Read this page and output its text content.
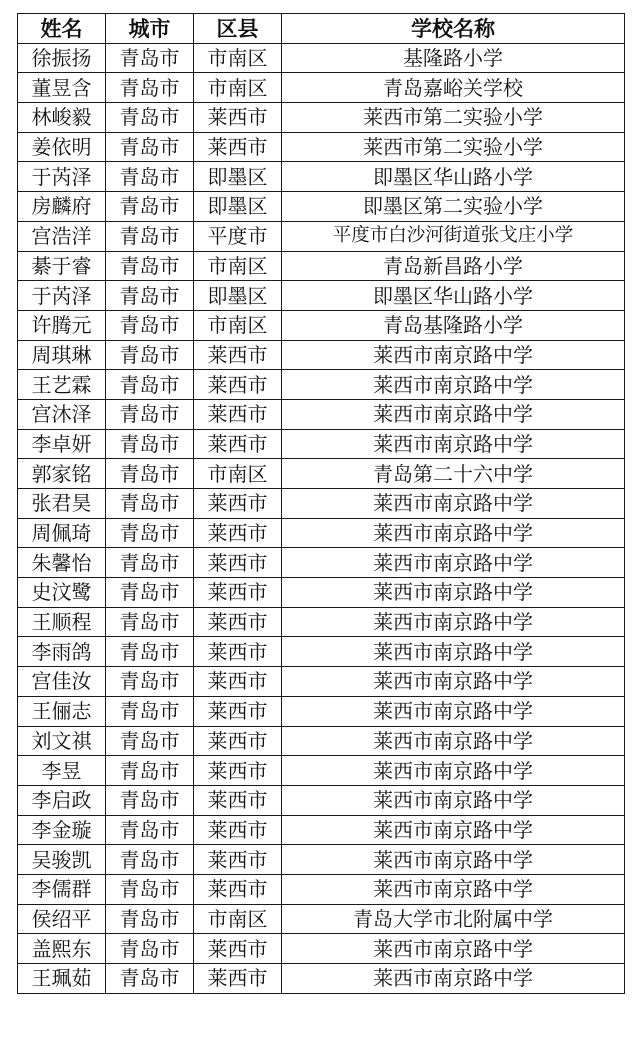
姓名	城市	区县	学校名称
徐振扬	青岛市	市南区	基隆路小学
董昱含	青岛市	市南区	青岛嘉峪关学校
林峻毅	青岛市	莱西市	莱西市第二实验小学
姜依明	青岛市	莱西市	莱西市第二实验小学
于芮泽	青岛市	即墨区	即墨区华山路小学
房麟府	青岛市	即墨区	即墨区第二实验小学
宫浩洋	青岛市	平度市	平度市白沙河街道张戈庄小学
綦于睿	青岛市	市南区	青岛新昌路小学
于芮泽	青岛市	即墨区	即墨区华山路小学
许腾元	青岛市	市南区	青岛基隆路小学
周琪琳	青岛市	莱西市	莱西市南京路中学
王艺霖	青岛市	莱西市	莱西市南京路中学
宫沐泽	青岛市	莱西市	莱西市南京路中学
李卓妍	青岛市	莱西市	莱西市南京路中学
郭家铭	青岛市	市南区	青岛第二十六中学
张君昊	青岛市	莱西市	莱西市南京路中学
周佩琦	青岛市	莱西市	莱西市南京路中学
朱馨怡	青岛市	莱西市	莱西市南京路中学
史汶鹭	青岛市	莱西市	莱西市南京路中学
王顺程	青岛市	莱西市	莱西市南京路中学
李雨鸽	青岛市	莱西市	莱西市南京路中学
宫佳汝	青岛市	莱西市	莱西市南京路中学
王俪志	青岛市	莱西市	莱西市南京路中学
刘文祺	青岛市	莱西市	莱西市南京路中学
李昱	青岛市	莱西市	莱西市南京路中学
李启政	青岛市	莱西市	莱西市南京路中学
李金璇	青岛市	莱西市	莱西市南京路中学
吴骏凯	青岛市	莱西市	莱西市南京路中学
李儒群	青岛市	莱西市	莱西市南京路中学
侯绍平	青岛市	市南区	青岛大学市北附属中学
盖熙东	青岛市	莱西市	莱西市南京路中学
王珮茹	青岛市	莱西市	莱西市南京路中学
